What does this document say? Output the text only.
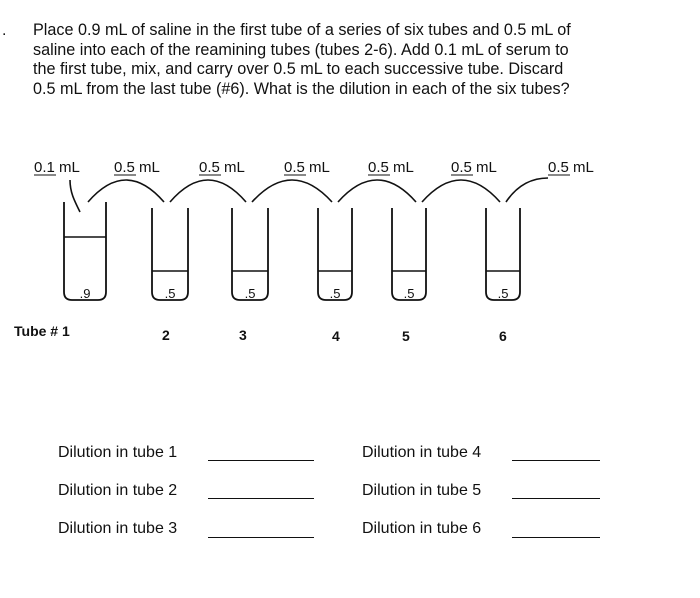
. Place 0.9 mL of saline in the first tube of a series of six tubes and 0.5 mL of
saline into each of the reamining tubes (tubes 2-6). Add 0.1 mL of serum to
the first tube, mix, and carry over 0.5 mL to each successive tube. Discard
0.5 mL from the last tube (#6). What is the dilution in each of the six tubes?
0.1 mL 0.5 mL	0.5 mL	0.5 mL	0.5 mL 0.5 mL	0.5 mL
.9	.5	.5	.5	.5	.5
Tube # 1	2	3	4	5	6
Dilution in tube 1
Dilution in tube 2
Dilution in tube 3
Dilution in tube 4
Dilution in tube 5
Dilution in tube 6
